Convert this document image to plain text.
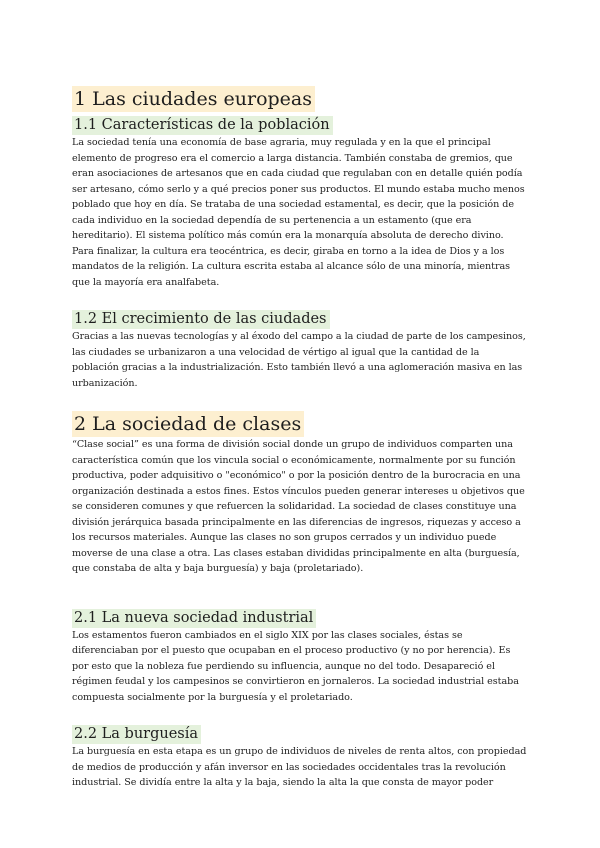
1 Las ciudades europeas
1.1 Características de la población

La sociedad tenía una economía de base agraria, muy regulada y en la que el principal elemento de progreso era el comercio a larga distancia. También constaba de gremios, que eran asociaciones de artesanos que en cada ciudad que regulaban con en detalle quién podía ser artesano, cómo serlo y a qué precios poner sus productos. El mundo estaba mucho menos poblado que hoy en día. Se trataba de una sociedad estamental, es decir, que la posición de cada individuo en la sociedad dependía de su pertenencia a un estamento (que era hereditario). El sistema político más común era la monarquía absoluta de derecho divino. Para finalizar, la cultura era teocéntrica, es decir, giraba en torno a la idea de Dios y a los mandatos de la religión. La cultura escrita estaba al alcance sólo de una minoría, mientras que la mayoría era analfabeta.

1.2 El crecimiento de las ciudades

Gracias a las nuevas tecnologías y al éxodo del campo a la ciudad de parte de los campesinos, las ciudades se urbanizaron a una velocidad de vértigo al igual que la cantidad de la población gracias a la industrialización. Esto también llevó a una aglomeración masiva en las urbanización.

2 La sociedad de clases

“Clase social” es una forma de división social donde un grupo de individuos comparten una característica común que los vincula social o económicamente, normalmente por su función productiva, poder adquisitivo o "económico" o por la posición dentro de la burocracia en una organización destinada a estos fines. Estos vínculos pueden generar intereses u objetivos que se consideren comunes y que refuercen la solidaridad. La sociedad de clases constituye una división jerárquica basada principalmente en las diferencias de ingresos, riquezas y acceso a los recursos materiales. Aunque las clases no son grupos cerrados y un individuo puede moverse de una clase a otra. Las clases estaban divididas principalmente en alta (burguesía, que constaba de alta y baja burguesía) y baja (proletariado).

2.1 La nueva sociedad industrial

Los estamentos fueron cambiados en el siglo XIX por las clases sociales, éstas se diferenciaban por el puesto que ocupaban en el proceso productivo (y no por herencia). Es por esto que la nobleza fue perdiendo su influencia, aunque no del todo. Desapareció el régimen feudal y los campesinos se convirtieron en jornaleros. La sociedad industrial estaba compuesta socialmente por la burguesía y el proletariado.

2.2 La burguesía

La burguesía en esta etapa es un grupo de individuos de niveles de renta altos, con propiedad de medios de producción y afán inversor en las sociedades occidentales tras la revolución industrial. Se dividía entre la alta y la baja, siendo la alta la que consta de mayor poder
